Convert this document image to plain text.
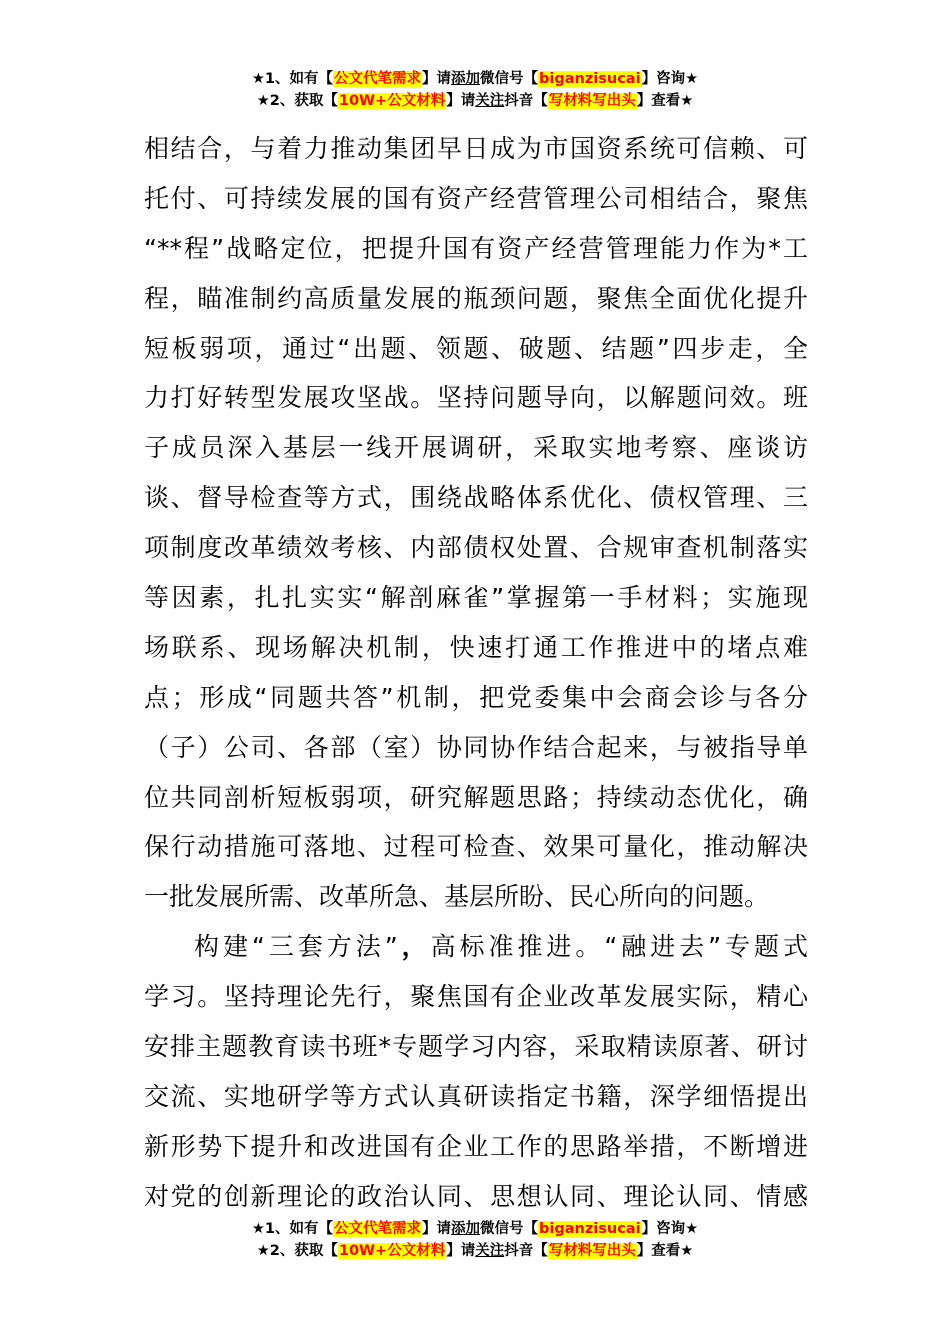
★1、如有【公文代笔需求】请添加微信号【biganzisucai】咨询★
★2、获取【10W+公文材料】请关注抖音【写材料写出头】查看★
相结合，与着力推动集团早日成为市国资系统可信赖、可
托付、可持续发展的国有资产经营管理公司相结合，聚焦
“**程”战略定位，把提升国有资产经营管理能力作为*工
程，瞄准制约高质量发展的瓶颈问题，聚焦全面优化提升
短板弱项，通过“出题、领题、破题、结题”四步走，全
力打好转型发展攻坚战。坚持问题导向，以解题问效。班
子成员深入基层一线开展调研，采取实地考察、座谈访
谈、督导检查等方式，围绕战略体系优化、债权管理、三
项制度改革绩效考核、内部债权处置、合规审查机制落实
等因素，扎扎实实“解剖麻雀”掌握第一手材料；实施现
场联系、现场解决机制，快速打通工作推进中的堵点难
点；形成“同题共答”机制，把党委集中会商会诊与各分
（子）公司、各部（室）协同协作结合起来，与被指导单
位共同剖析短板弱项，研究解题思路；持续动态优化，确
保行动措施可落地、过程可检查、效果可量化，推动解决
一批发展所需、改革所急、基层所盼、民心所向的问题。
构建“三套方法”，高标准推进。“融进去”专题式
学习。坚持理论先行，聚焦国有企业改革发展实际，精心
安排主题教育读书班*专题学习内容，采取精读原著、研讨
交流、实地研学等方式认真研读指定书籍，深学细悟提出
新形势下提升和改进国有企业工作的思路举措，不断增进
对党的创新理论的政治认同、思想认同、理论认同、情感
★1、如有【公文代笔需求】请添加微信号【biganzisucai】咨询★
★2、获取【10W+公文材料】请关注抖音【写材料写出头】查看★
